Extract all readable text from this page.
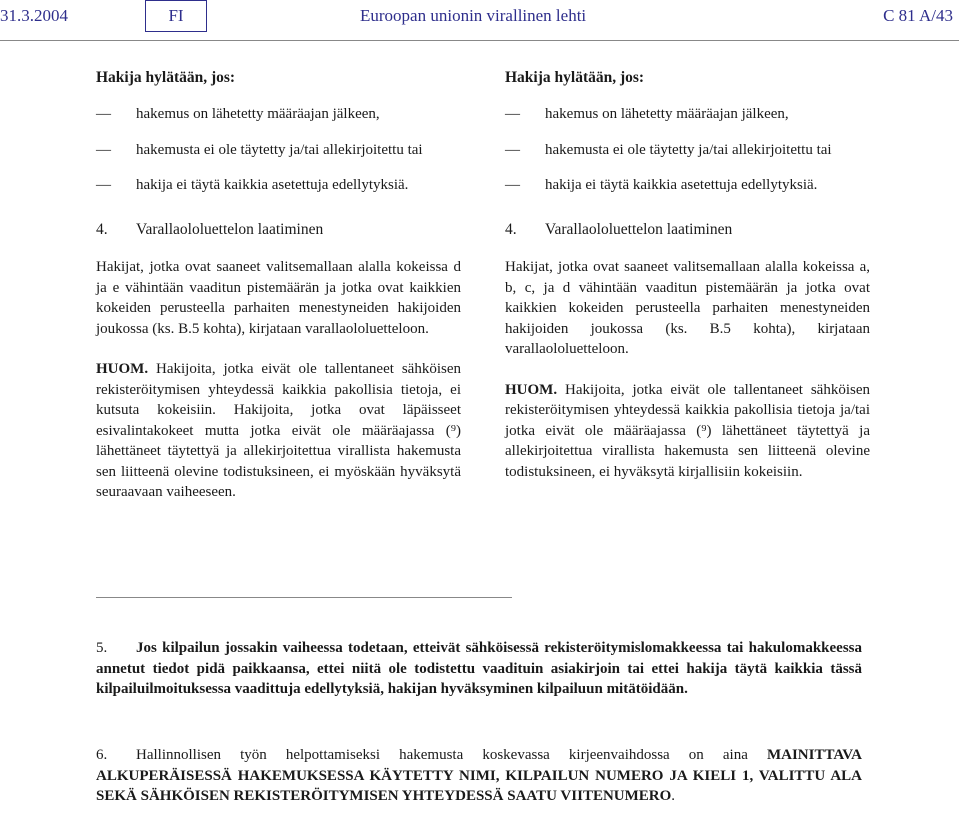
31.3.2004	FI	Euroopan unionin virallinen lehti	C 81 A/43
Hakija hylätään, jos:
— hakemus on lähetetty määräajan jälkeen,
— hakemusta ei ole täytetty ja/tai allekirjoitettu tai
— hakija ei täytä kaikkia asetettuja edellytyksiä.
4. Varallaololuettelon laatiminen

Hakijat, jotka ovat saaneet valitsemallaan alalla kokeissa d ja e vähintään vaaditun pistemäärän ja jotka ovat kaikkien kokeiden perusteella parhaiten menestyneiden hakijoiden joukossa (ks. B.5 kohta), kirjataan varallaololuetteloon.

HUOM. Hakijoita, jotka eivät ole tallentaneet sähköisen rekisteröitymisen yhteydessä kaikkia pakollisia tietoja, ei kutsuta kokeisiin. Hakijoita, jotka ovat läpäisseet esivalintakokeet mutta jotka eivät ole määräajassa (⁹) lähettäneet täytettyä ja allekirjoitettua virallista hakemusta sen liitteenä olevine todistuksineen, ei myöskään hyväksytä seuraavaan vaiheeseen.

Hakija hylätään, jos:
— hakemus on lähetetty määräajan jälkeen,
— hakemusta ei ole täytetty ja/tai allekirjoitettu tai
— hakija ei täytä kaikkia asetettuja edellytyksiä.
4. Varallaololuettelon laatiminen

Hakijat, jotka ovat saaneet valitsemallaan alalla kokeissa a, b, c, ja d vähintään vaaditun pistemäärän ja jotka ovat kaikkien kokeiden perusteella parhaiten menestyneiden hakijoiden joukossa (ks. B.5 kohta), kirjataan varallaololuetteloon.

HUOM. Hakijoita, jotka eivät ole tallentaneet sähköisen rekisteröitymisen yhteydessä kaikkia pakollisia tietoja ja/tai jotka eivät ole määräajassa (⁹) lähettäneet täytettyä ja allekirjoitettua virallista hakemusta sen liitteenä olevine todistuksineen, ei hyväksytä kirjallisiin kokeisiin.

5. Jos kilpailun jossakin vaiheessa todetaan, etteivät sähköisessä rekisteröitymislomakkeessa tai hakulomakkeessa annetut tiedot pidä paikkaansa, ettei niitä ole todistettu vaadituin asiakirjoin tai ettei hakija täytä kaikkia tässä kilpailuilmoituksessa vaadittuja edellytyksiä, hakijan hyväksyminen kilpailuun mitätöidään.
6. Hallinnollisen työn helpottamiseksi hakemusta koskevassa kirjeenvaihdossa on aina MAINITTAVA ALKUPERÄISESSÄ HAKEMUKSESSA KÄYTETTY NIMI, KILPAILUN NUMERO JA KIELI 1, VALITTU ALA SEKÄ SÄHKÖISEN REKISTERÖITYMISEN YHTEYDESSÄ SAATU VIITENUMERO.
